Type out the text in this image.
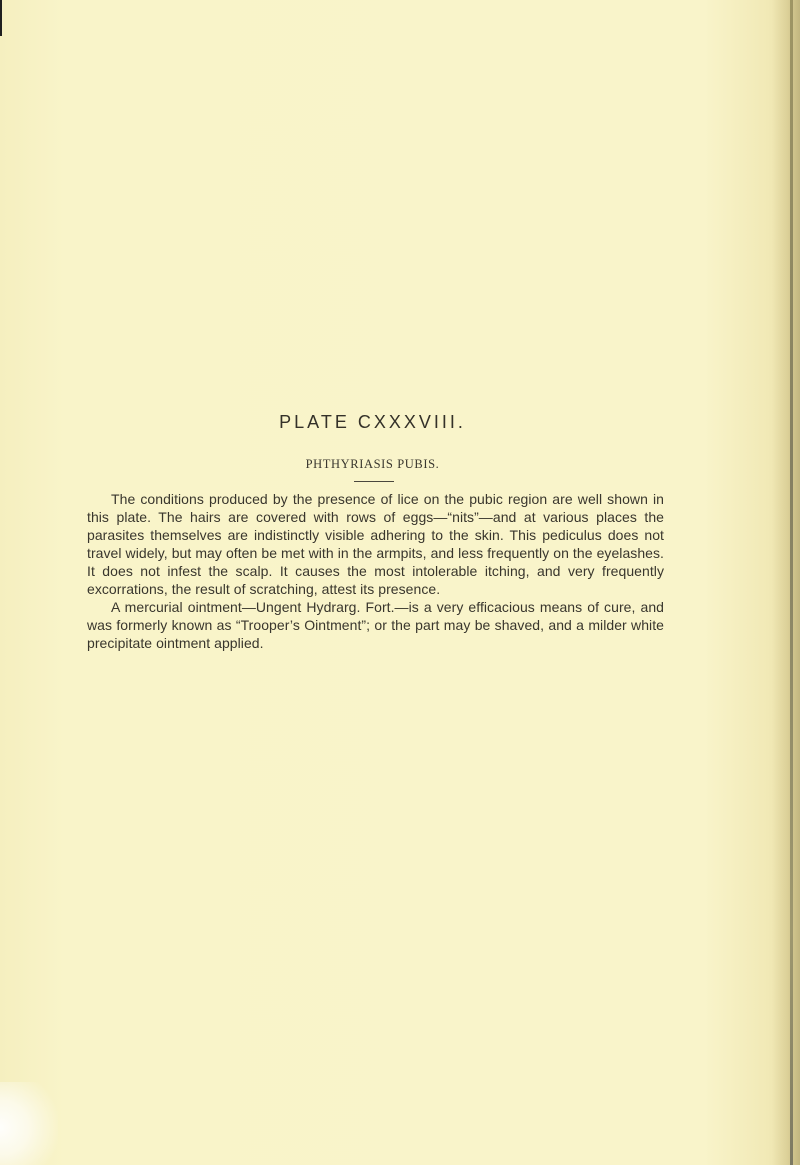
PLATE CXXXVIII.
PHTHYRIASIS PUBIS.

The conditions produced by the presence of lice on the pubic region are well shown in this plate. The hairs are covered with rows of eggs—“nits”—and at various places the parasites themselves are indistinctly visible adhering to the skin. This pediculus does not travel widely, but may often be met with in the armpits, and less frequently on the eyelashes. It does not infest the scalp. It causes the most intolerable itching, and very frequently excorrations, the result of scratching, attest its presence.

A mercurial ointment—Ungent Hydrarg. Fort.—is a very efficacious means of cure, and was formerly known as “Trooper’s Ointment”; or the part may be shaved, and a milder white precipitate ointment applied.
